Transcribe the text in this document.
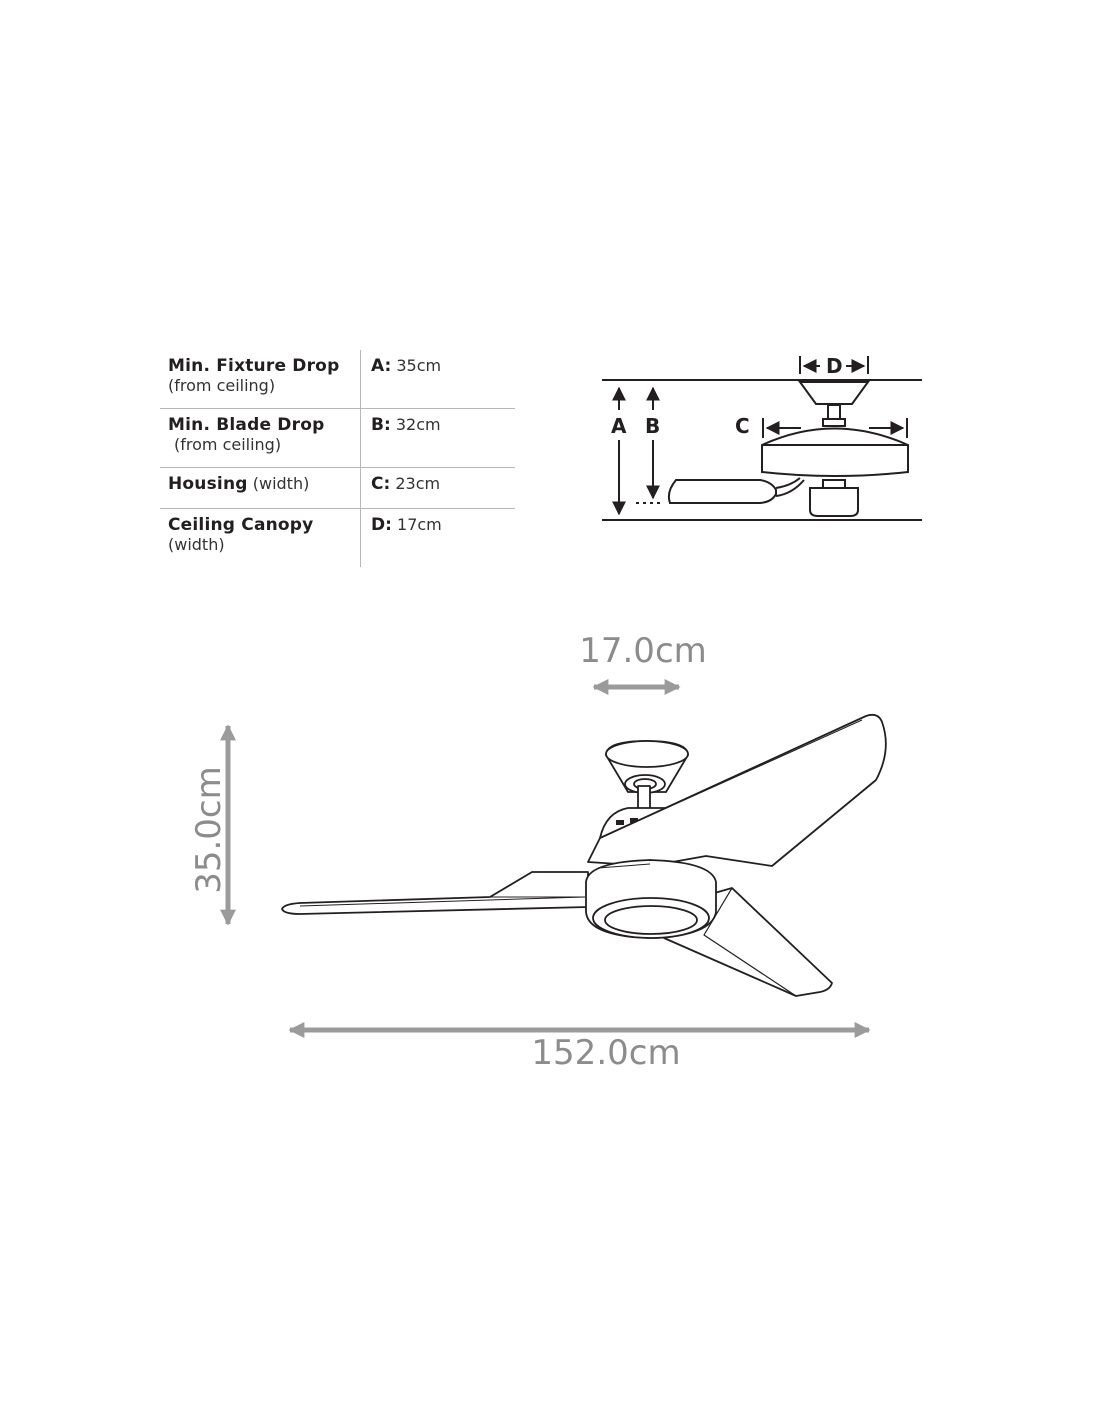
Min. Fixture Drop
(from ceiling)
A: 35cm
Min. Blade Drop
(from ceiling)
B: 32cm
Housing (width)	C: 23cm
Ceiling Canopy
(width)
D: 17cm
A B	C
D
17.0cm
35.0cm
152.0cm
